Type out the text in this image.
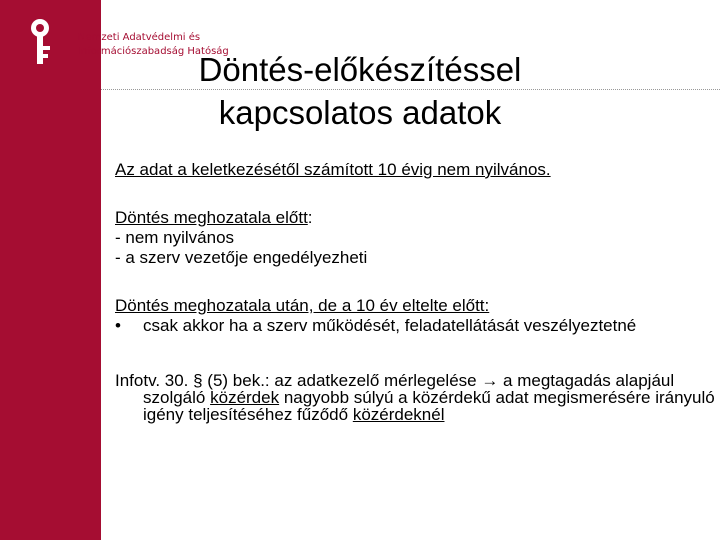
Nemzeti Adatvédelmi és
Információszabadság Hatóság
Döntés-előkészítéssel
kapcsolatos adatok

Az adat a keletkezésétől számított 10 évig nem nyilvános.

Döntés meghozatala előtt:

- nem nyilvános

- a szerv vezetője engedélyezheti

Döntés meghozatala után, de a 10 év eltelte előtt:

•	csak akkor ha a szerv működését, feladatellátását veszélyeztetné

Infotv. 30. § (5) bek.: az adatkezelő mérlegelése → a megtagadás alapjául szolgáló közérdek nagyobb súlyú a közérdekű adat megismerésére irányuló igény teljesítéséhez fűződő közérdeknél
